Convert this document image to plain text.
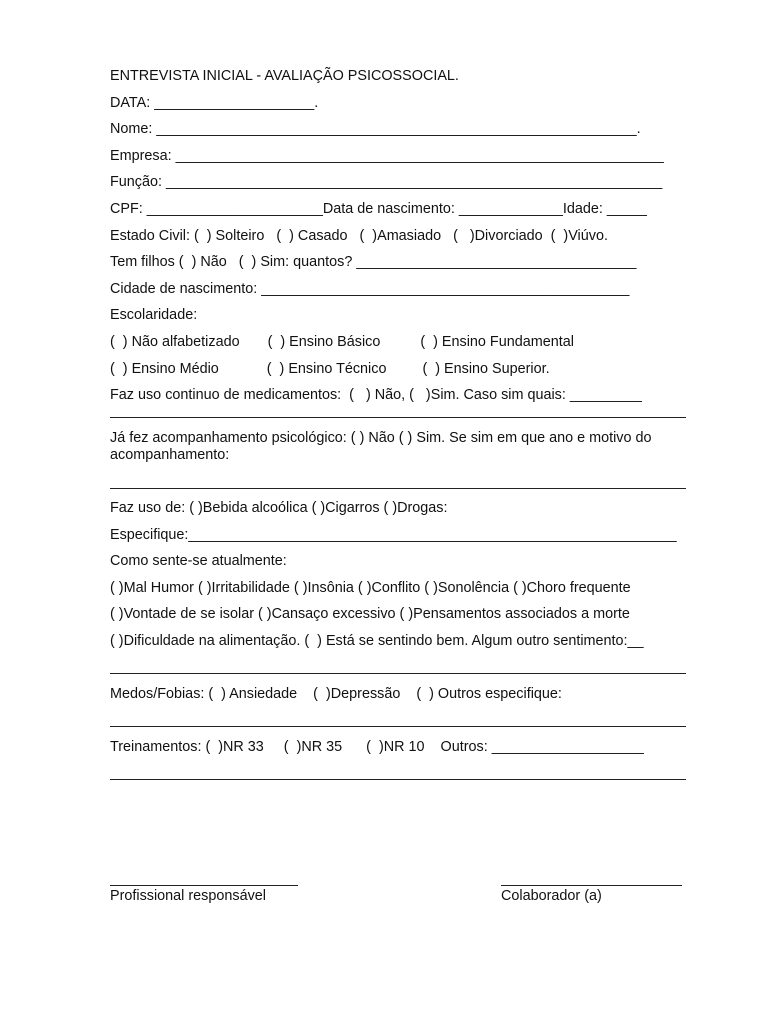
ENTREVISTA INICIAL - AVALIAÇÃO PSICOSSOCIAL.

DATA: ____________________.

Nome: ____________________________________________________________.

Empresa: _____________________________________________________________

Função: ______________________________________________________________

CPF: ______________________Data de nascimento: _____________Idade: _____

Estado Civil: (  ) Solteiro   (  ) Casado   (  )Amasiado   (   )Divorciado  (  )Viúvo.

Tem filhos (  ) Não   (  ) Sim: quantos? ___________________________________

Cidade de nascimento: ______________________________________________

Escolaridade:

(  ) Não alfabetizado       (  ) Ensino Básico          (  ) Ensino Fundamental

(  ) Ensino Médio            (  ) Ensino Técnico         (  ) Ensino Superior.

Faz uso continuo de medicamentos:  (   ) Não, (   )Sim. Caso sim quais: _________

Já fez acompanhamento psicológico: ( ) Não ( ) Sim. Se sim em que ano e motivo do acompanhamento:

Faz uso de: ( )Bebida alcoólica ( )Cigarros ( )Drogas:

Especifique:_____________________________________________________________

Como sente-se atualmente:

( )Mal Humor ( )Irritabilidade ( )Insônia ( )Conflito ( )Sonolência ( )Choro frequente

( )Vontade de se isolar ( )Cansaço excessivo ( )Pensamentos associados a morte

( )Dificuldade na alimentação. (  ) Está se sentindo bem. Algum outro sentimento:__

Medos/Fobias: (  ) Ansiedade    (  )Depressão    (  ) Outros especifique:

Treinamentos: (  )NR 33     (  )NR 35      (  )NR 10    Outros: ___________________

Profissional responsável	Colaborador (a)
